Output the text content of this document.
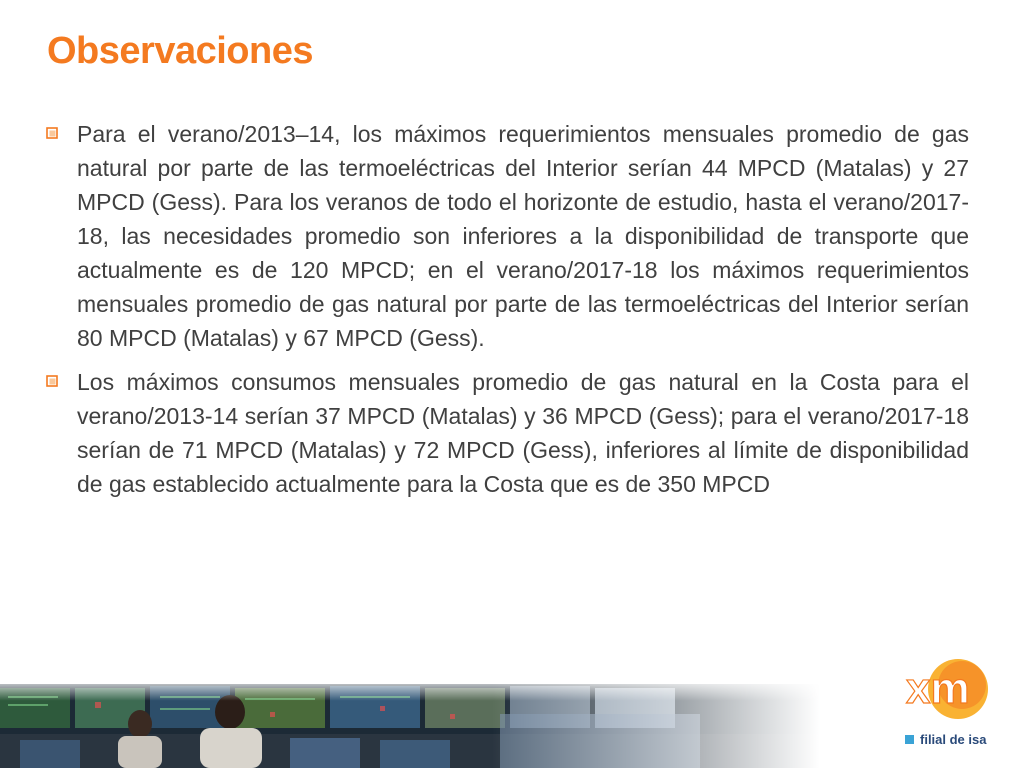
Observaciones
Para el verano/2013–14, los máximos requerimientos mensuales promedio de gas natural por parte de las termoeléctricas del Interior serían 44 MPCD (Matalas) y 27 MPCD (Gess). Para los veranos de todo el horizonte de estudio, hasta el verano/2017-18, las necesidades promedio son inferiores a la disponibilidad de transporte que actualmente es de 120 MPCD; en el verano/2017-18 los máximos requerimientos mensuales promedio de gas natural por parte de las termoeléctricas del Interior serían 80 MPCD (Matalas) y 67 MPCD (Gess).
Los máximos consumos mensuales promedio de gas natural en la Costa para el verano/2013-14 serían 37 MPCD (Matalas) y 36 MPCD (Gess); para el verano/2017-18 serían de 71 MPCD (Matalas) y 72 MPCD (Gess), inferiores al límite de disponibilidad de gas establecido actualmente para la Costa que es de 350 MPCD
xm
filial de isa
